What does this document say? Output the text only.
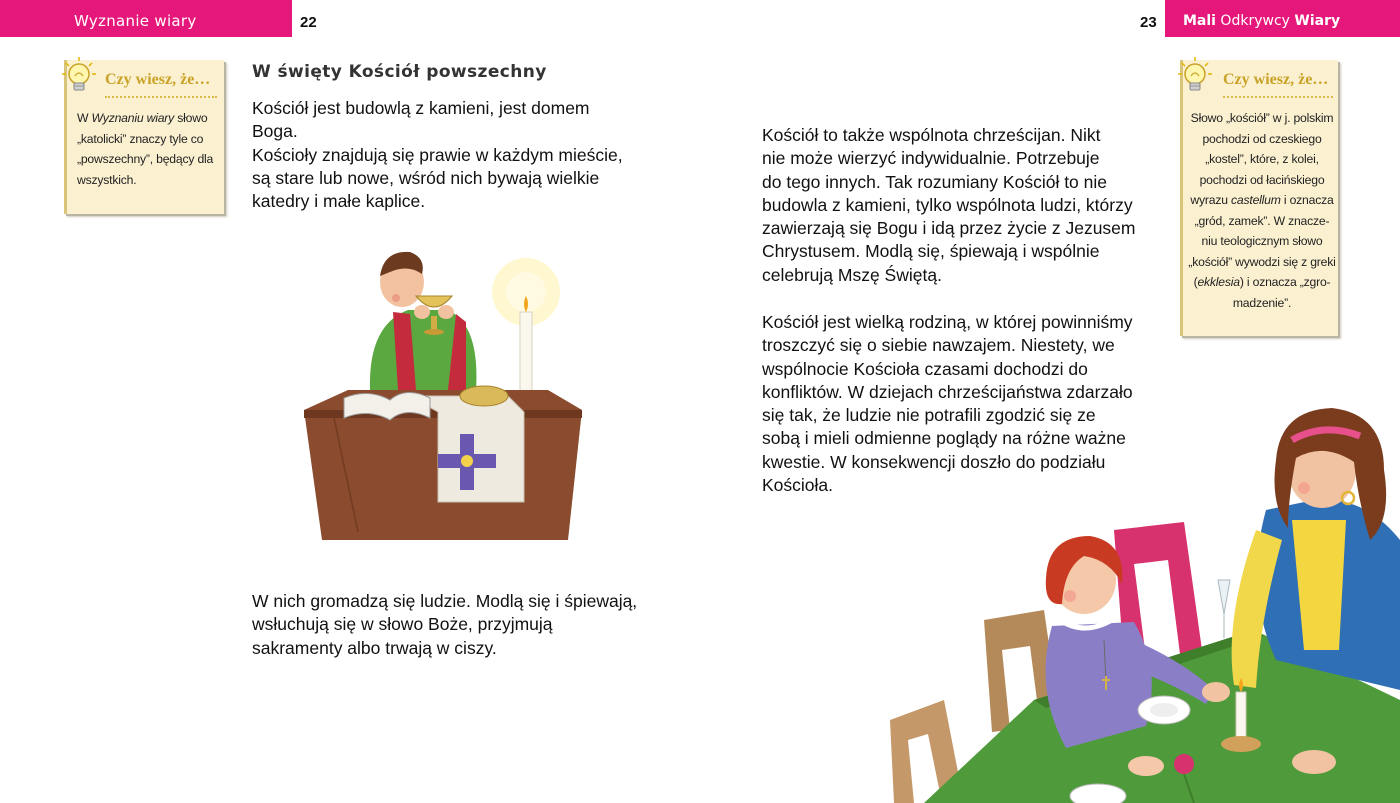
Wyznanie wiary	22	23	Mali Odkrywcy Wiary
Czy wiesz, że…
W Wyznaniu wiary słowo
„katolicki” znaczy tyle co
„powszechny”, będący dla
wszystkich.
Czy wiesz, że…
Słowo „kościół” w j. polskim
pochodzi od czeskiego
„kostel”, które, z kolei,
pochodzi od łacińskiego
wyrazu castellum i oznacza
„gród, zamek”. W znacze-
niu teologicznym słowo
„kościół” wywodzi się z greki
(ekklesia) i oznacza „zgro-
madzenie”.
W święty Kościół powszechny

Kościół jest budowlą z kamieni, jest domem

Boga.

Kościoły znajdują się prawie w każdym mieście,

są stare lub nowe, wśród nich bywają wielkie

katedry i małe kaplice.

W nich gromadzą się ludzie. Modlą się i śpiewają,

wsłuchują się w słowo Boże, przyjmują

sakramenty albo trwają w ciszy.

Kościół to także wspólnota chrześcijan. Nikt

nie może wierzyć indywidualnie. Potrzebuje

do tego innych. Tak rozumiany Kościół to nie

budowla z kamieni, tylko wspólnota ludzi, którzy

zawierzają się Bogu i idą przez życie z Jezusem

Chrystusem. Modlą się, śpiewają i wspólnie

celebrują Mszę Świętą.

Kościół jest wielką rodziną, w której powinniśmy

troszczyć się o siebie nawzajem. Niestety, we

wspólnocie Kościoła czasami dochodzi do

konfliktów. W dziejach chrześcijaństwa zdarzało

się tak, że ludzie nie potrafili zgodzić się ze

sobą i mieli odmienne poglądy na różne ważne

kwestie. W konsekwencji doszło do podziału

Kościoła.
